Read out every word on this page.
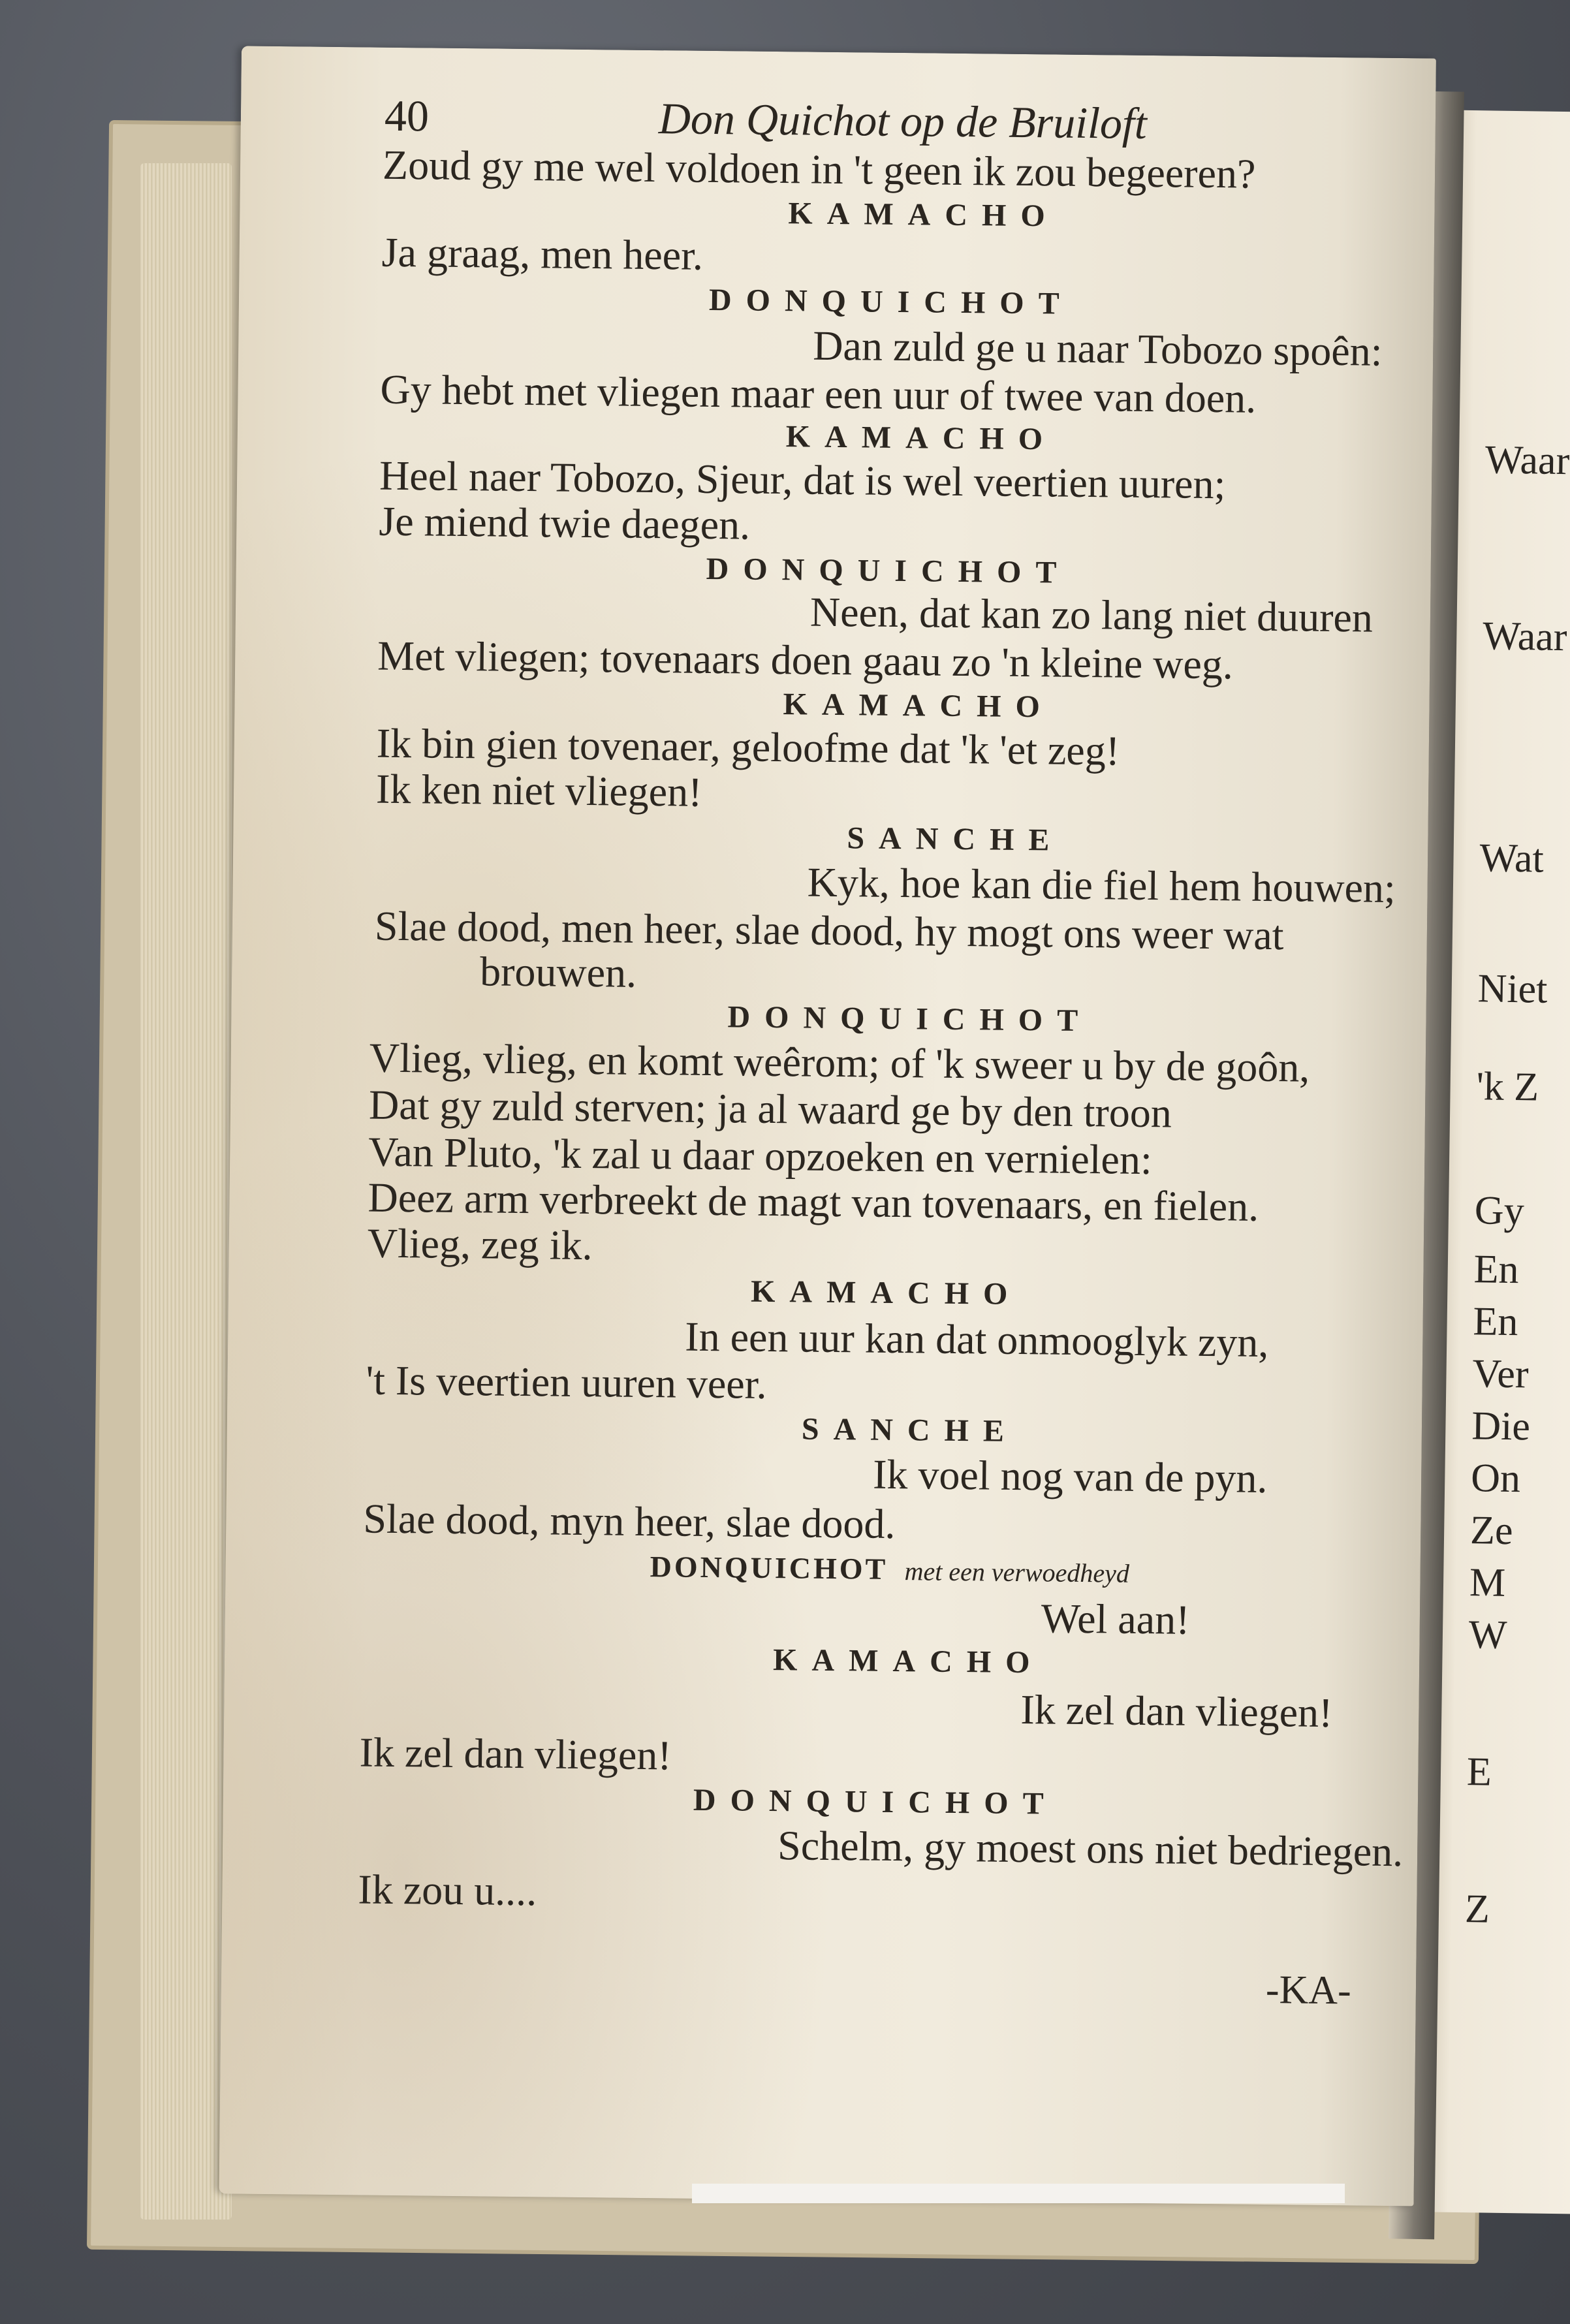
Waar
Waar
Wat
Niet
'k Z
Gy
En
En
Ver
Die
On
Ze
M
W
E
Z
40	Don Quichot op de Bruiloft
Zoud gy me wel voldoen in 't geen ik zou begeeren?
KAMACHO
Ja graag, men heer.
DONQUICHOT
Dan zuld ge u naar Tobozo spoên:
Gy hebt met vliegen maar een uur of twee van doen.
KAMACHO
Heel naer Tobozo, Sjeur, dat is wel veertien uuren;
Je miend twie daegen.
DONQUICHOT
Neen, dat kan zo lang niet duuren
Met vliegen; tovenaars doen gaau zo 'n kleine weg.
KAMACHO
Ik bin gien tovenaer, geloofme dat 'k 'et zeg!
Ik ken niet vliegen!
SANCHE
Kyk, hoe kan die fiel hem houwen;
Slae dood, men heer, slae dood, hy mogt ons weer wat
brouwen.
DONQUICHOT
Vlieg, vlieg, en komt weêrom; of 'k sweer u by de goôn,
Dat gy zuld sterven; ja al waard ge by den troon
Van Pluto, 'k zal u daar opzoeken en vernielen:
Deez arm verbreekt de magt van tovenaars, en fielen.
Vlieg, zeg ik.
KAMACHO
In een uur kan dat onmooglyk zyn,
't Is veertien uuren veer.
SANCHE
Ik voel nog van de pyn.
Slae dood, myn heer, slae dood.
DONQUICHOT met een verwoedheyd
Wel aan!
KAMACHO
Ik zel dan vliegen!
Ik zel dan vliegen!
DONQUICHOT
Schelm, gy moest ons niet bedriegen.
Ik zou u....
-KA-
